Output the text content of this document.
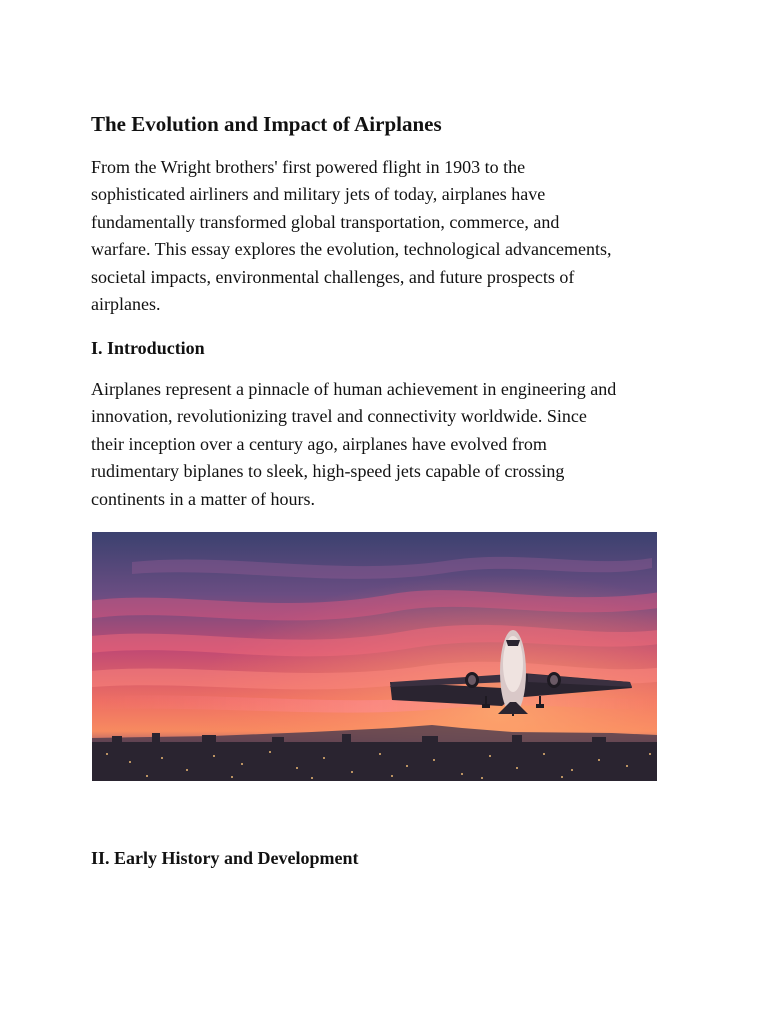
The Evolution and Impact of Airplanes

From the Wright brothers' first powered flight in 1903 to the
sophisticated airliners and military jets of today, airplanes have
fundamentally transformed global transportation, commerce, and
warfare. This essay explores the evolution, technological advancements,
societal impacts, environmental challenges, and future prospects of
airplanes.

I. Introduction

Airplanes represent a pinnacle of human achievement in engineering and
innovation, revolutionizing travel and connectivity worldwide. Since
their inception over a century ago, airplanes have evolved from
rudimentary biplanes to sleek, high-speed jets capable of crossing
continents in a matter of hours.

II. Early History and Development
